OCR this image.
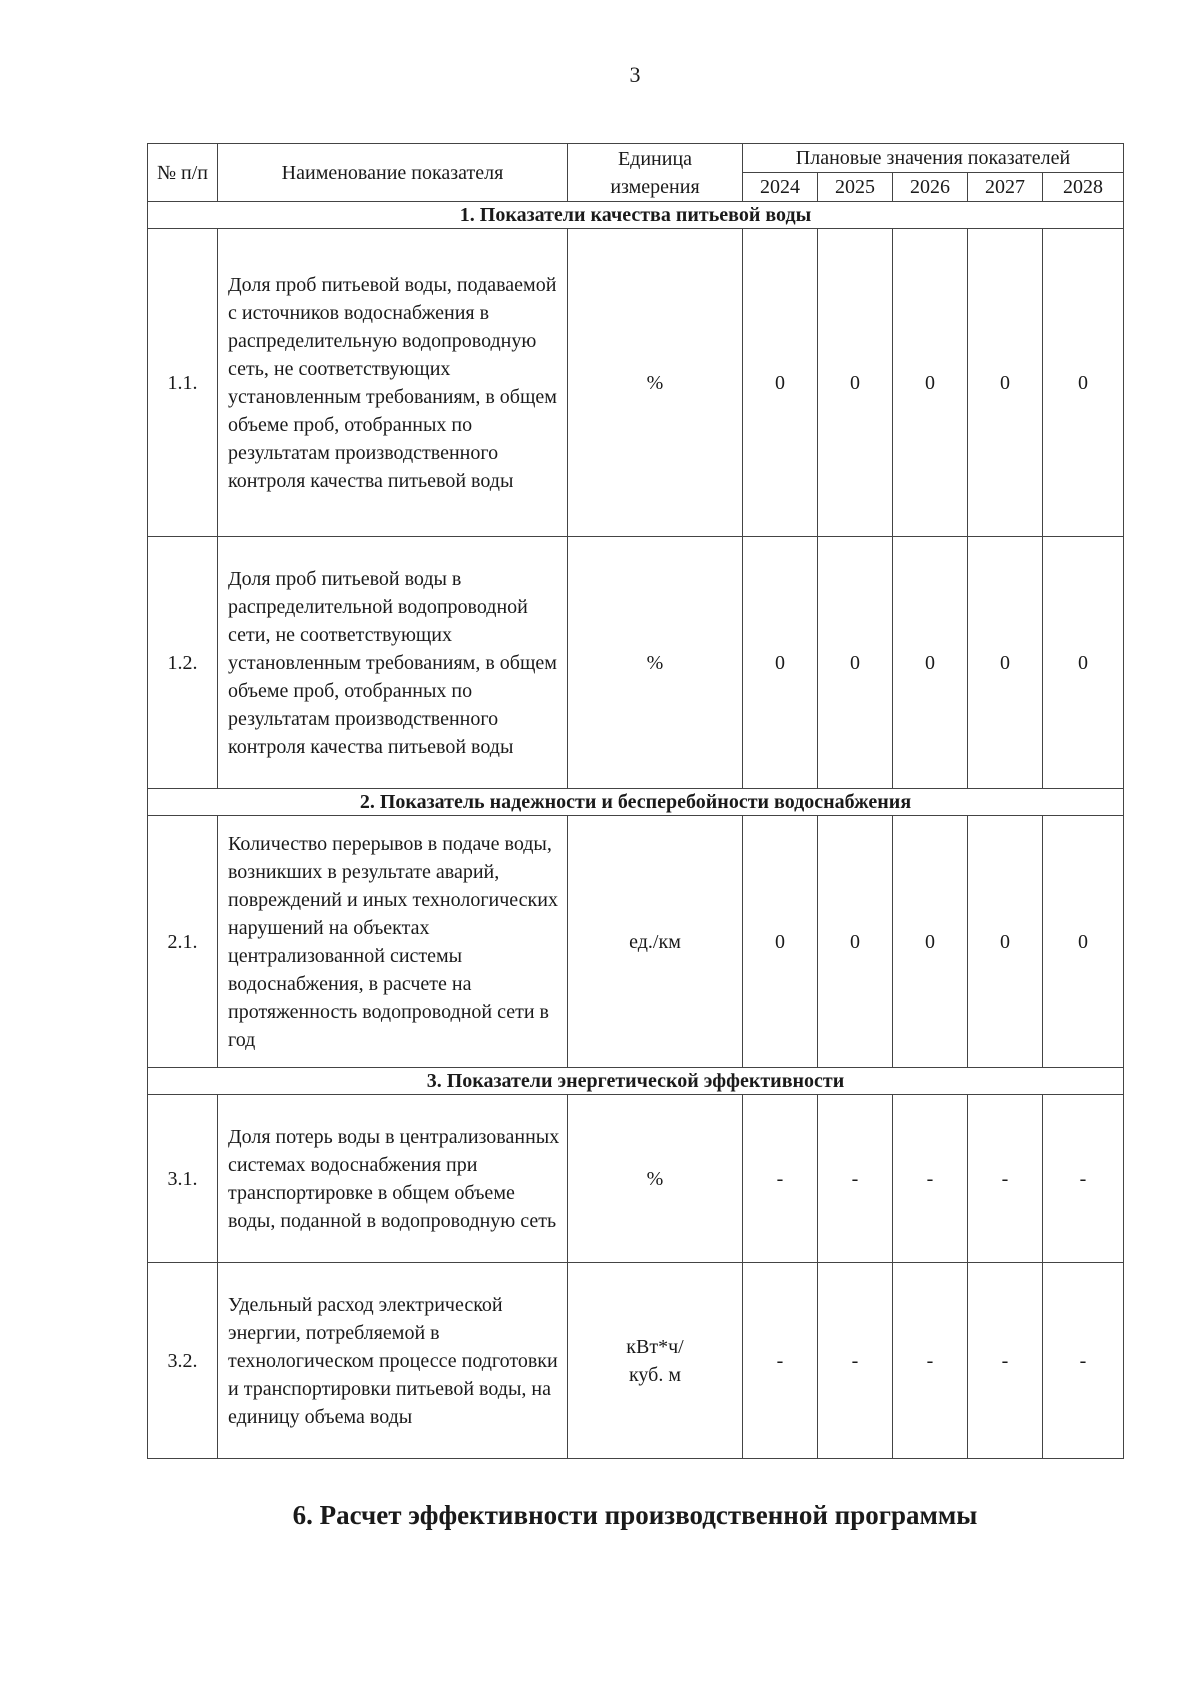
3
№ п/п	Наименование показателя	Единица измерения	Плановые значения показателей				
			2024	2025	2026	2027	2028
1. Показатели качества питьевой воды							
1.1.	Доля проб питьевой воды, подаваемой с источников водоснабжения в распределительную водопроводную сеть, не соответствующих установленным требованиям, в общем объеме проб, отобранных по результатам производственного контроля качества питьевой воды	%	0	0	0	0	0
1.2.	Доля проб питьевой воды в распределительной водопроводной сети, не соответствующих установленным требованиям, в общем объеме проб, отобранных по результатам производственного контроля качества питьевой воды	%	0	0	0	0	0
2. Показатель надежности и бесперебойности водоснабжения							
2.1.	Количество перерывов в подаче воды, возникших в результате аварий, повреждений и иных технологических нарушений на объектах централизованной системы водоснабжения, в расчете на протяженность водопроводной сети в год	ед./км	0	0	0	0	0
3. Показатели энергетической эффективности							
3.1.	Доля потерь воды в централизованных системах водоснабжения при транспортировке в общем объеме воды, поданной в водопроводную сеть	%	-	-	-	-	-
3.2.	Удельный расход электрической энергии, потребляемой в технологическом процессе подготовки и транспортировки питьевой воды, на единицу объема воды	кВт*ч/ куб. м	-	-	-	-	-
6. Расчет эффективности производственной программы
